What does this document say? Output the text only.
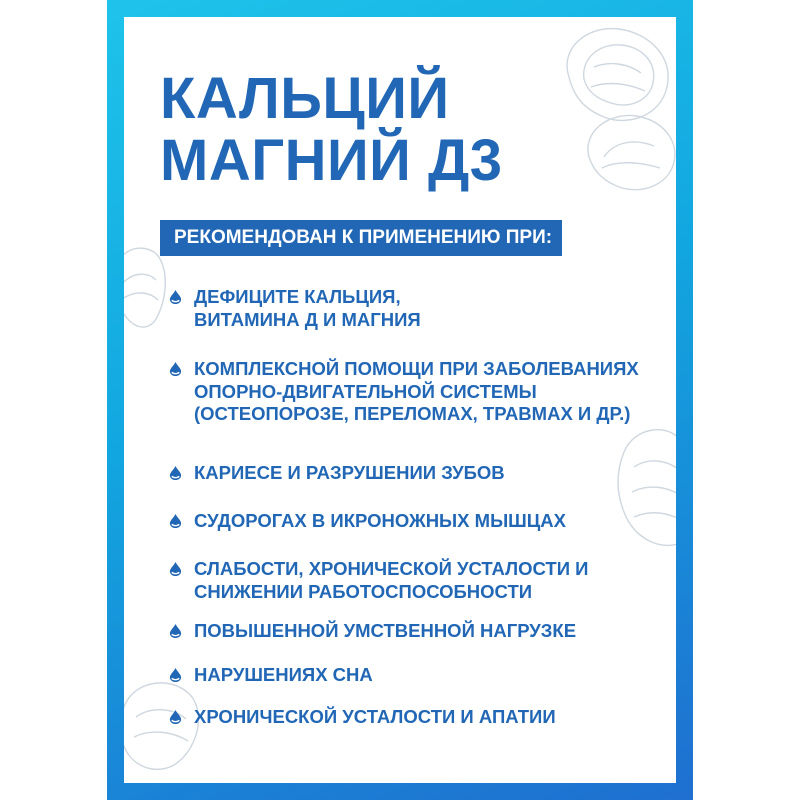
КАЛЬЦИЙ
МАГНИЙ Д3
РЕКОМЕНДОВАН К ПРИМЕНЕНИЮ ПРИ:
ДЕФИЦИТЕ КАЛЬЦИЯ, ВИТАМИНА Д И МАГНИЯ
КОМПЛЕКСНОЙ ПОМОЩИ ПРИ ЗАБОЛЕВАНИЯХ ОПОРНО-ДВИГАТЕЛЬНОЙ СИСТЕМЫ (ОСТЕОПОРОЗЕ, ПЕРЕЛОМАХ, ТРАВМАХ И ДР.)
КАРИЕСЕ И РАЗРУШЕНИИ ЗУБОВ
СУДОРОГАХ В ИКРОНОЖНЫХ МЫШЦАХ
СЛАБОСТИ, ХРОНИЧЕСКОЙ УСТАЛОСТИ И СНИЖЕНИИ РАБОТОСПОСОБНОСТИ
ПОВЫШЕННОЙ УМСТВЕННОЙ НАГРУЗКЕ
НАРУШЕНИЯХ СНА
ХРОНИЧЕСКОЙ УСТАЛОСТИ И АПАТИИ
